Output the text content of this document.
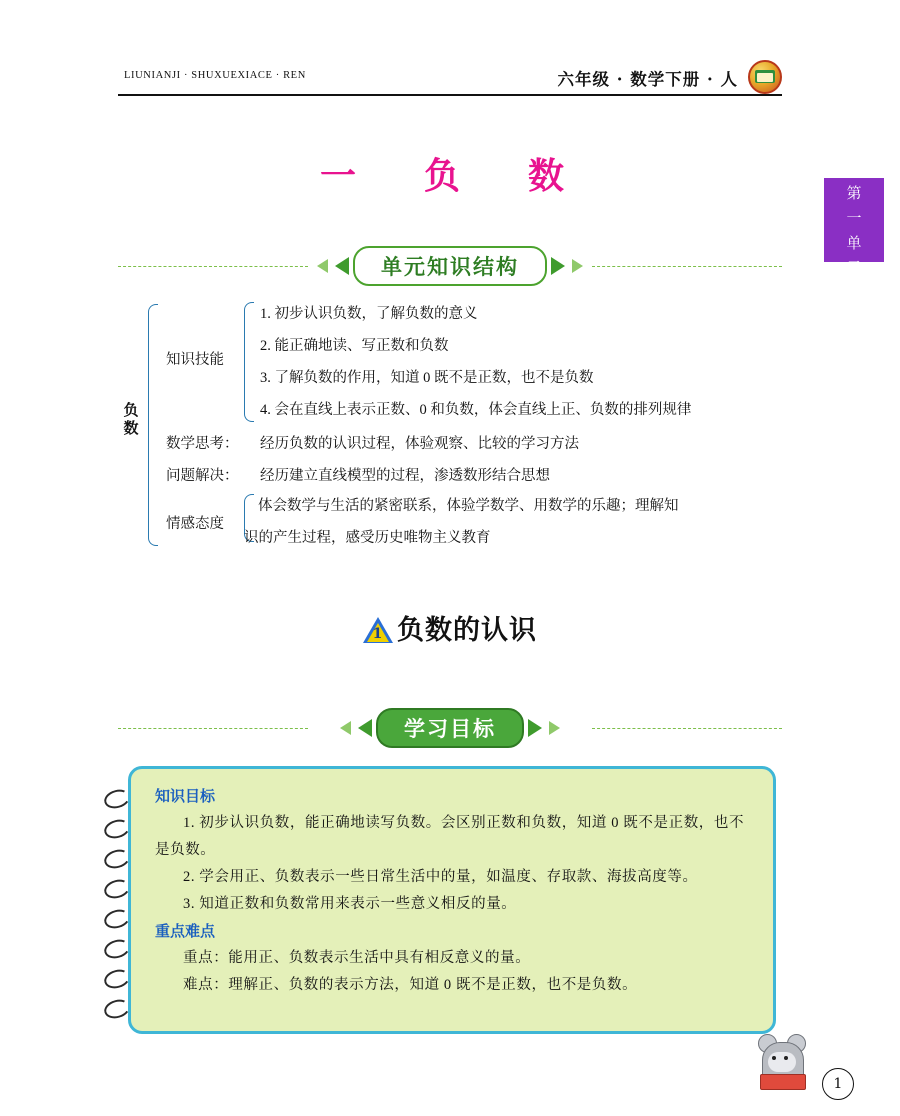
LIUNIANJI · SHUXUEXIACE · REN	六年级 · 数学下册 · 人
一　负　数	第
一
单
元
单元知识结构
负
数
知识技能
1. 初步认识负数，了解负数的意义
2. 能正确地读、写正数和负数
3. 了解负数的作用，知道 0 既不是正数，也不是负数
4. 会在直线上表示正数、0 和负数，体会直线上正、负数的排列规律
数学思考： 经历负数的认识过程，体验观察、比较的学习方法
问题解决： 经历建立直线模型的过程，渗透数形结合思想
情感态度
体会数学与生活的紧密联系，体验学数学、用数学的乐趣；理解知
识的产生过程，感受历史唯物主义教育
1 负数的认识
学习目标
知识目标
1. 初步认识负数，能正确地读写负数。会区别正数和负数，知道 0 既不是正数，也不是负数。
2. 学会用正、负数表示一些日常生活中的量，如温度、存取款、海拔高度等。
3. 知道正数和负数常用来表示一些意义相反的量。
重点难点
重点：能用正、负数表示生活中具有相反意义的量。
难点：理解正、负数的表示方法，知道 0 既不是正数，也不是负数。
1
